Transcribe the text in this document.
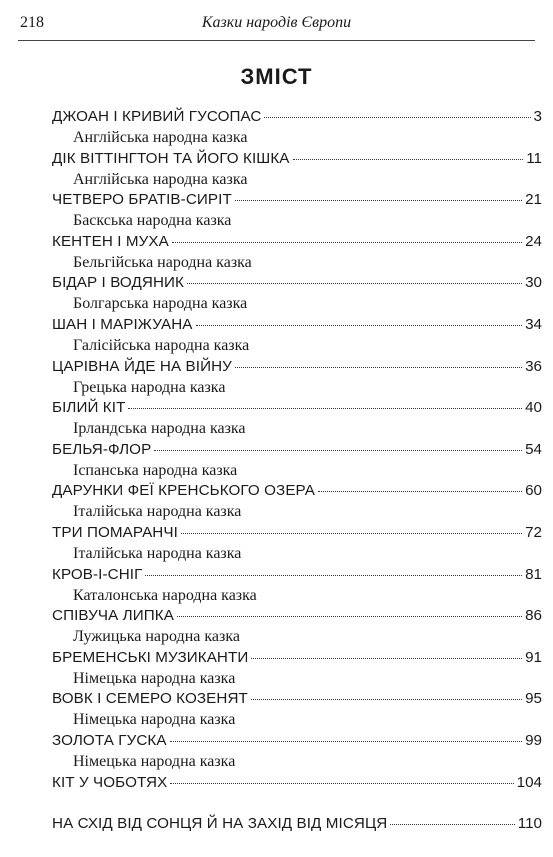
218	Казки народів Європи
ЗМІСТ
ДЖОАН І КРИВИЙ ГУСОПАС	3
Англійська народна казка
ДІК ВІТТІНГТОН ТА ЙОГО КІШКА	11
Англійська народна казка
ЧЕТВЕРО БРАТІВ-СИРІТ	21
Баскська народна казка
КЕНТЕН І МУХА	24
Бельгійська народна казка
БІДАР І ВОДЯНИК	30
Болгарська народна казка
ШАН І МАРІЖУАНА	34
Галісійська народна казка
ЦАРІВНА ЙДЕ НА ВІЙНУ	36
Грецька народна казка
БІЛИЙ КІТ	40
Ірландська народна казка
БЕЛЬЯ-ФЛОР	54
Іспанська народна казка
ДАРУНКИ ФЕЇ КРЕНСЬКОГО ОЗЕРА	60
Італійська народна казка
ТРИ ПОМАРАНЧІ	72
Італійська народна казка
КРОВ-І-СНІГ	81
Каталонська народна казка
СПІВУЧА ЛИПКА	86
Лужицька народна казка
БРЕМЕНСЬКІ МУЗИКАНТИ	91
Німецька народна казка
ВОВК І СЕМЕРО КОЗЕНЯТ	95
Німецька народна казка
ЗОЛОТА ГУСКА	99
Німецька народна казка
КІТ У ЧОБОТЯХ	104
НА СХІД ВІД СОНЦЯ Й НА ЗАХІД ВІД МІСЯЦЯ	110
